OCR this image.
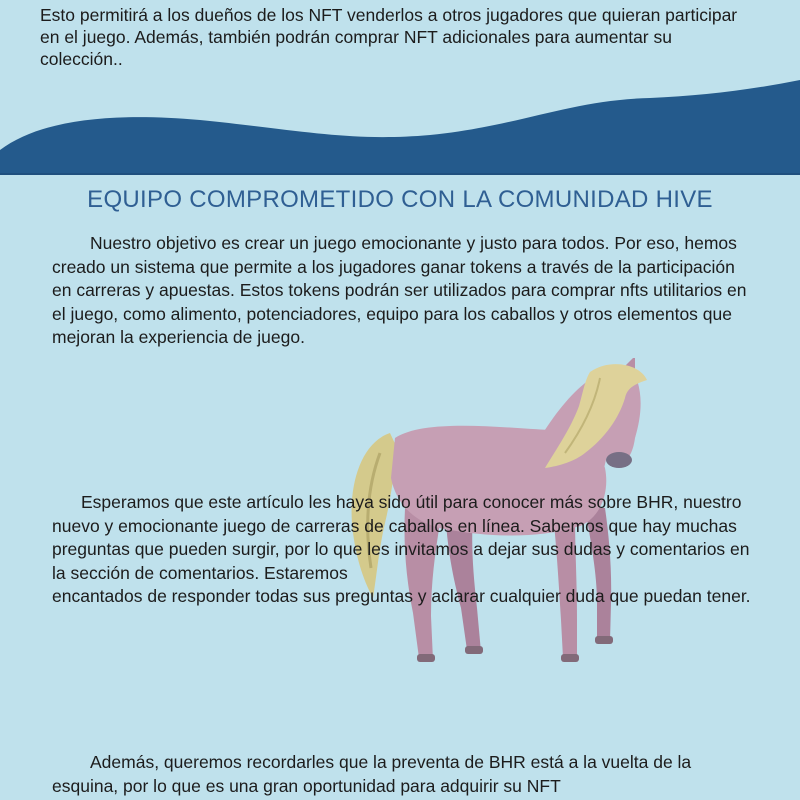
Esto permitirá a los dueños de los NFT venderlos a otros jugadores que quieran participar en el juego. Además, también podrán comprar NFT adicionales para aumentar su colección..
EQUIPO COMPROMETIDO CON LA COMUNIDAD HIVE
Nuestro objetivo es crear un juego emocionante y justo para todos. Por eso, hemos creado un sistema que permite a los jugadores ganar tokens a través de la participación en carreras y apuestas. Estos tokens podrán ser utilizados para comprar nfts utilitarios en el juego, como alimento, potenciadores, equipo para los caballos y otros elementos que mejoran la experiencia de juego.
Esperamos que este artículo les haya sido útil para conocer más sobre BHR, nuestro nuevo y emocionante juego de carreras de caballos en línea. Sabemos que hay muchas preguntas que pueden surgir, por lo que les invitamos a dejar sus dudas y comentarios en la sección de comentarios. Estaremos
encantados de responder todas sus preguntas y aclarar cualquier duda que puedan tener.
Además, queremos recordarles que la preventa de BHR está a la vuelta de la esquina, por lo que es una gran oportunidad para adquirir su NFT
